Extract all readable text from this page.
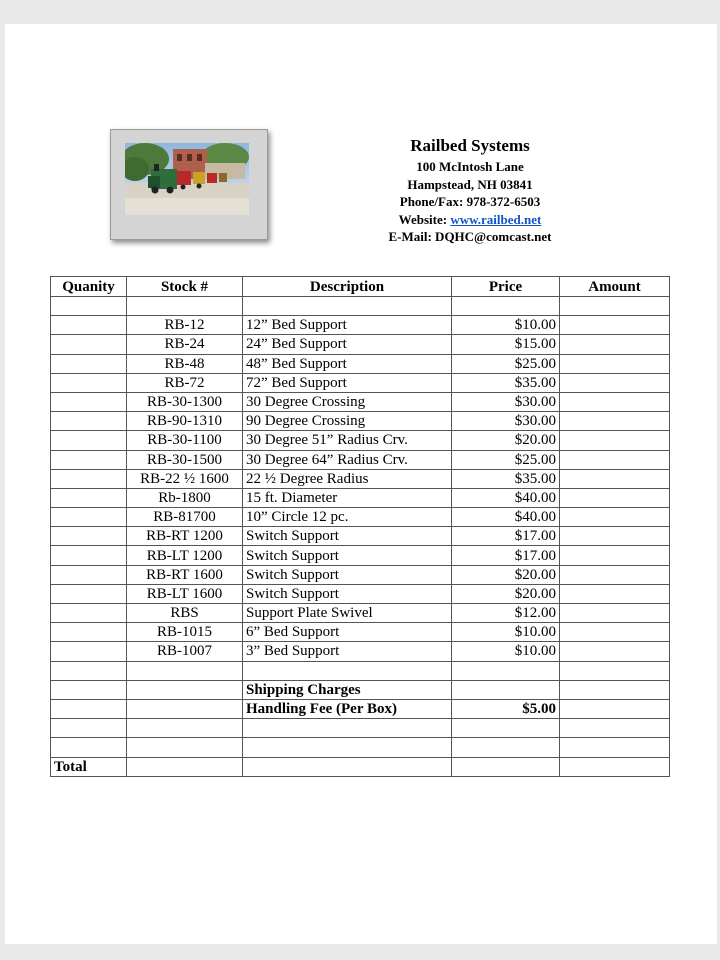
Railbed Systems
100 McIntosh Lane
Hampstead, NH 03841
Phone/Fax: 978-372-6503
Website: www.railbed.net
E-Mail: DQHC@comcast.net
Quanity	Stock #	Description	Price	Amount

	RB-12	12” Bed Support	$10.00	
	RB-24	24” Bed Support	$15.00	
	RB-48	48” Bed Support	$25.00	
	RB-72	72” Bed Support	$35.00	
	RB-30-1300	30 Degree Crossing	$30.00	
	RB-90-1310	90 Degree Crossing	$30.00	
	RB-30-1100	30 Degree 51” Radius Crv.	$20.00	
	RB-30-1500	30 Degree 64” Radius Crv.	$25.00	
	RB-22 ½ 1600	22 ½ Degree Radius	$35.00	
	Rb-1800	15 ft. Diameter	$40.00	
	RB-81700	10” Circle 12 pc.	$40.00	
	RB-RT 1200	Switch Support	$17.00	
	RB-LT 1200	Switch Support	$17.00	
	RB-RT 1600	Switch Support	$20.00	
	RB-LT 1600	Switch Support	$20.00	
	RBS	Support Plate Swivel	$12.00	
	RB-1015	6” Bed Support	$10.00	
	RB-1007	3” Bed Support	$10.00	

		Shipping Charges		
		Handling Fee (Per Box)	$5.00	

Total				
